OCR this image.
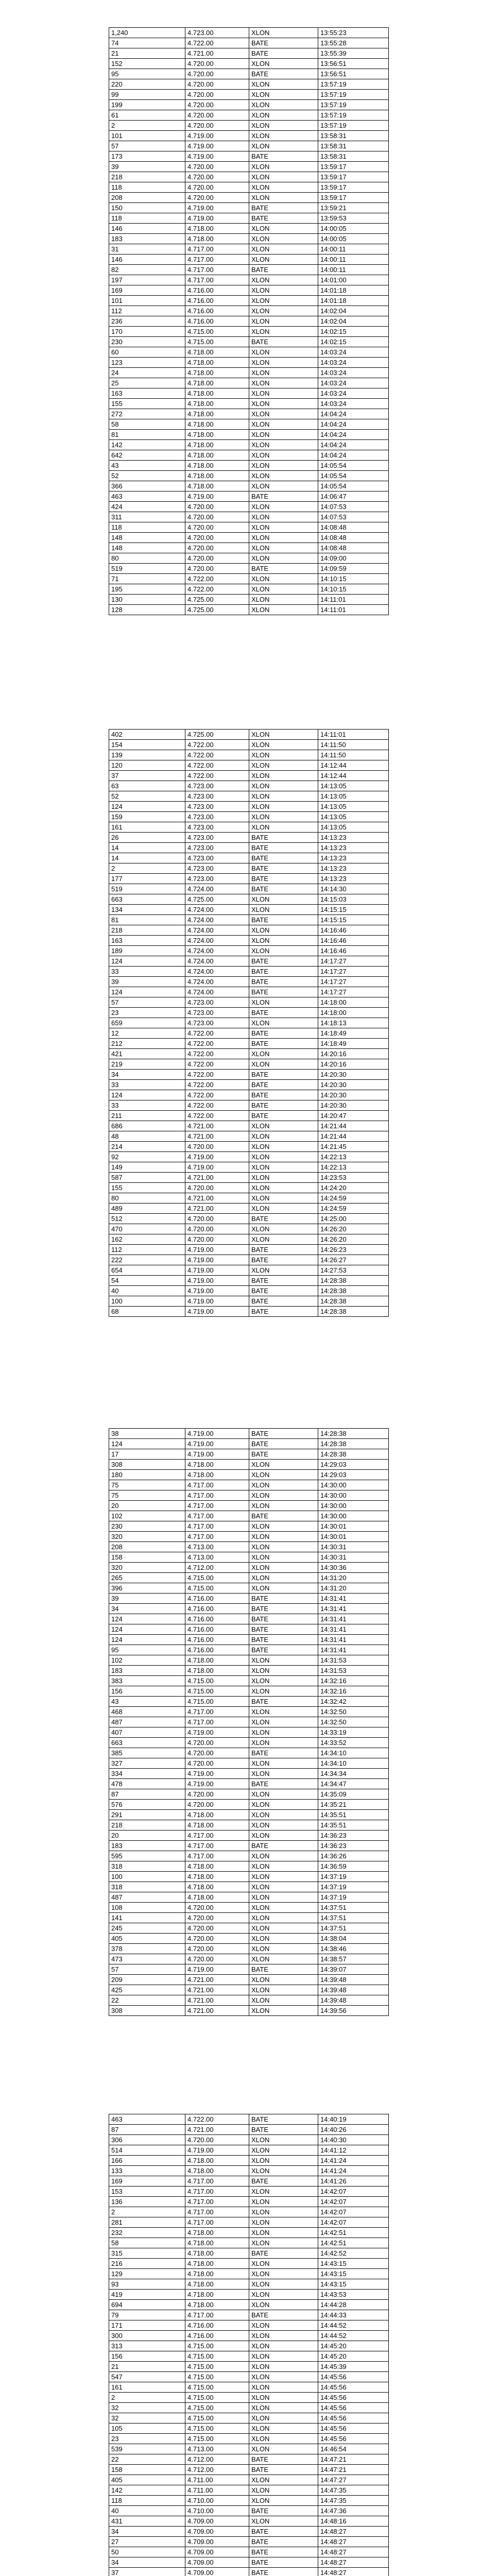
1,240	4.723.00	XLON	13:55:23
74	4.722.00	BATE	13:55:28
21	4.721.00	BATE	13:55:39
152	4.720.00	XLON	13:56:51
95	4.720.00	BATE	13:56:51
220	4.720.00	XLON	13:57:19
99	4.720.00	XLON	13:57:19
199	4.720.00	XLON	13:57:19
61	4.720.00	XLON	13:57:19
2	4.720.00	XLON	13:57:19
101	4.719.00	XLON	13:58:31
57	4.719.00	XLON	13:58:31
173	4.719.00	BATE	13:58:31
39	4.720.00	XLON	13:59:17
218	4.720.00	XLON	13:59:17
118	4.720.00	XLON	13:59:17
208	4.720.00	XLON	13:59:17
150	4.719.00	BATE	13:59:21
118	4.719.00	BATE	13:59:53
146	4.718.00	XLON	14:00:05
183	4.718.00	XLON	14:00:05
31	4.717.00	XLON	14:00:11
146	4.717.00	XLON	14:00:11
82	4.717.00	BATE	14:00:11
197	4.717.00	XLON	14:01:00
169	4.716.00	XLON	14:01:18
101	4.716.00	XLON	14:01:18
112	4.716.00	XLON	14:02:04
236	4.716.00	XLON	14:02:04
170	4.715.00	XLON	14:02:15
230	4.715.00	BATE	14:02:15
60	4.718.00	XLON	14:03:24
123	4.718.00	XLON	14:03:24
24	4.718.00	XLON	14:03:24
25	4.718.00	XLON	14:03:24
163	4.718.00	XLON	14:03:24
155	4.718.00	XLON	14:03:24
272	4.718.00	XLON	14:04:24
58	4.718.00	XLON	14:04:24
81	4.718.00	XLON	14:04:24
142	4.718.00	XLON	14:04:24
642	4.718.00	XLON	14:04:24
43	4.718.00	XLON	14:05:54
52	4.718.00	XLON	14:05:54
366	4.718.00	XLON	14:05:54
463	4.719.00	BATE	14:06:47
424	4.720.00	XLON	14:07:53
311	4.720.00	XLON	14:07:53
118	4.720.00	XLON	14:08:48
148	4.720.00	XLON	14:08:48
148	4.720.00	XLON	14:08:48
80	4.720.00	XLON	14:09:00
519	4.720.00	BATE	14:09:59
71	4.722.00	XLON	14:10:15
195	4.722.00	XLON	14:10:15
130	4.725.00	XLON	14:11:01
128	4.725.00	XLON	14:11:01
402	4.725.00	XLON	14:11:01
154	4.722.00	XLON	14:11:50
139	4.722.00	XLON	14:11:50
120	4.722.00	XLON	14:12:44
37	4.722.00	XLON	14:12:44
63	4.723.00	XLON	14:13:05
52	4.723.00	XLON	14:13:05
124	4.723.00	XLON	14:13:05
159	4.723.00	XLON	14:13:05
161	4.723.00	XLON	14:13:05
26	4.723.00	BATE	14:13:23
14	4.723.00	BATE	14:13:23
14	4.723.00	BATE	14:13:23
2	4.723.00	BATE	14:13:23
177	4.723.00	BATE	14:13:23
519	4.724.00	BATE	14:14:30
663	4.725.00	XLON	14:15:03
134	4.724.00	XLON	14:15:15
81	4.724.00	BATE	14:15:15
218	4.724.00	XLON	14:16:46
163	4.724.00	XLON	14:16:46
189	4.724.00	XLON	14:16:46
124	4.724.00	BATE	14:17:27
33	4.724.00	BATE	14:17:27
39	4.724.00	BATE	14:17:27
124	4.724.00	BATE	14:17:27
57	4.723.00	XLON	14:18:00
23	4.723.00	BATE	14:18:00
659	4.723.00	XLON	14:18:13
12	4.722.00	BATE	14:18:49
212	4.722.00	BATE	14:18:49
421	4.722.00	XLON	14:20:16
219	4.722.00	XLON	14:20:16
34	4.722.00	BATE	14:20:30
33	4.722.00	BATE	14:20:30
124	4.722.00	BATE	14:20:30
33	4.722.00	BATE	14:20:30
211	4.722.00	BATE	14:20:47
686	4.721.00	XLON	14:21:44
48	4.721.00	XLON	14:21:44
214	4.720.00	XLON	14:21:45
92	4.719.00	XLON	14:22:13
149	4.719.00	XLON	14:22:13
587	4.721.00	XLON	14:23:53
155	4.720.00	XLON	14:24:20
80	4.721.00	XLON	14:24:59
489	4.721.00	XLON	14:24:59
512	4.720.00	BATE	14:25:00
470	4.720.00	XLON	14:26:20
162	4.720.00	XLON	14:26:20
112	4.719.00	BATE	14:26:23
222	4.719.00	BATE	14:26:27
654	4.719.00	XLON	14:27:53
54	4.719.00	BATE	14:28:38
40	4.719.00	BATE	14:28:38
100	4.719.00	BATE	14:28:38
68	4.719.00	BATE	14:28:38
38	4.719.00	BATE	14:28:38
124	4.719.00	BATE	14:28:38
17	4.719.00	BATE	14:28:38
308	4.718.00	XLON	14:29:03
180	4.718.00	XLON	14:29:03
75	4.717.00	XLON	14:30:00
75	4.717.00	XLON	14:30:00
20	4.717.00	XLON	14:30:00
102	4.717.00	BATE	14:30:00
230	4.717.00	XLON	14:30:01
320	4.717.00	XLON	14:30:01
208	4.713.00	XLON	14:30:31
158	4.713.00	XLON	14:30:31
320	4.712.00	XLON	14:30:36
265	4.715.00	XLON	14:31:20
396	4.715.00	XLON	14:31:20
39	4.716.00	BATE	14:31:41
34	4.716.00	BATE	14:31:41
124	4.716.00	BATE	14:31:41
124	4.716.00	BATE	14:31:41
124	4.716.00	BATE	14:31:41
95	4.716.00	BATE	14:31:41
102	4.718.00	XLON	14:31:53
183	4.718.00	XLON	14:31:53
383	4.715.00	XLON	14:32:16
156	4.715.00	XLON	14:32:16
43	4.715.00	BATE	14:32:42
468	4.717.00	XLON	14:32:50
487	4.717.00	XLON	14:32:50
407	4.719.00	XLON	14:33:19
663	4.720.00	XLON	14:33:52
385	4.720.00	BATE	14:34:10
327	4.720.00	XLON	14:34:10
334	4.719.00	XLON	14:34:34
478	4.719.00	BATE	14:34:47
87	4.720.00	XLON	14:35:09
576	4.720.00	XLON	14:35:21
291	4.718.00	XLON	14:35:51
218	4.718.00	XLON	14:35:51
20	4.717.00	XLON	14:36:23
183	4.717.00	BATE	14:36:23
595	4.717.00	XLON	14:36:26
318	4.718.00	XLON	14:36:59
100	4.718.00	XLON	14:37:19
318	4.718.00	XLON	14:37:19
487	4.718.00	XLON	14:37:19
108	4.720.00	XLON	14:37:51
141	4.720.00	XLON	14:37:51
245	4.720.00	XLON	14:37:51
405	4.720.00	XLON	14:38:04
378	4.720.00	XLON	14:38:46
473	4.720.00	XLON	14:38:57
57	4.719.00	BATE	14:39:07
209	4.721.00	XLON	14:39:48
425	4.721.00	XLON	14:39:48
22	4.721.00	XLON	14:39:48
308	4.721.00	XLON	14:39:56
463	4.722.00	BATE	14:40:19
87	4.721.00	BATE	14:40:26
306	4.720.00	XLON	14:40:30
514	4.719.00	XLON	14:41:12
166	4.718.00	XLON	14:41:24
133	4.718.00	XLON	14:41:24
169	4.717.00	BATE	14:41:26
153	4.717.00	XLON	14:42:07
136	4.717.00	XLON	14:42:07
2	4.717.00	XLON	14:42:07
281	4.717.00	XLON	14:42:07
232	4.718.00	XLON	14:42:51
58	4.718.00	XLON	14:42:51
315	4.718.00	BATE	14:42:52
216	4.718.00	XLON	14:43:15
129	4.718.00	XLON	14:43:15
93	4.718.00	XLON	14:43:15
419	4.718.00	XLON	14:43:53
694	4.718.00	XLON	14:44:28
79	4.717.00	BATE	14:44:33
171	4.716.00	XLON	14:44:52
300	4.716.00	XLON	14:44:52
313	4.715.00	XLON	14:45:20
156	4.715.00	XLON	14:45:20
21	4.715.00	XLON	14:45:39
547	4.715.00	XLON	14:45:56
161	4.715.00	XLON	14:45:56
2	4.715.00	XLON	14:45:56
32	4.715.00	XLON	14:45:56
32	4.715.00	XLON	14:45:56
105	4.715.00	XLON	14:45:56
23	4.715.00	XLON	14:45:56
539	4.713.00	XLON	14:46:54
22	4.712.00	BATE	14:47:21
158	4.712.00	BATE	14:47:21
405	4.711.00	XLON	14:47:27
142	4.711.00	XLON	14:47:35
118	4.710.00	XLON	14:47:35
40	4.710.00	BATE	14:47:36
431	4.709.00	XLON	14:48:16
34	4.709.00	BATE	14:48:27
27	4.709.00	BATE	14:48:27
50	4.709.00	BATE	14:48:27
34	4.709.00	BATE	14:48:27
37	4.709.00	BATE	14:48:27
